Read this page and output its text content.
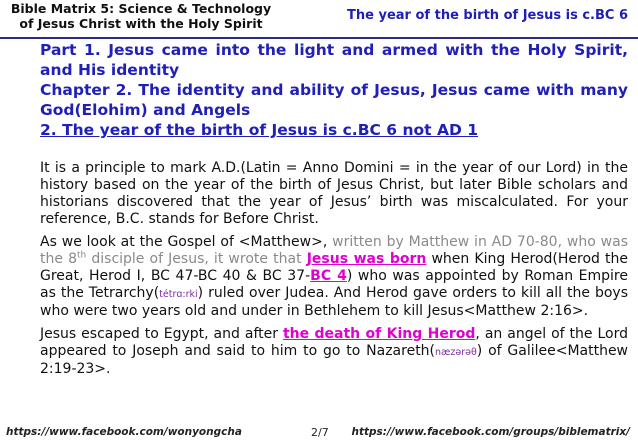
Bible Matrix 5: Science & Technology
of Jesus Christ with the Holy Spirit
The year of the birth of Jesus is c.BC 6

Part 1. Jesus came into the light and armed with the Holy Spirit, and His identity

Chapter 2. The identity and ability of Jesus, Jesus came with many God(Elohim) and Angels

2. The year of the birth of Jesus is c.BC 6 not AD 1

It is a principle to mark A.D.(Latin = Anno Domini = in the year of our Lord) in the history based on the year of the birth of Jesus Christ, but later Bible scholars and historians discovered that the year of Jesus’ birth was miscalculated. For your reference, B.C. stands for Before Christ.

As we look at the Gospel of <Matthew>, written by Matthew in AD 70-80, who was the 8th disciple of Jesus, it wrote that Jesus was born when King Herod(Herod the Great, Herod I, BC 47-BC 40 & BC 37-BC 4) who was appointed by Roman Empire as the Tetrarchy(tétrɑ:rki) ruled over Judea. And Herod gave orders to kill all the boys who were two years old and under in Bethlehem to kill Jesus<Matthew 2:16>.

Jesus escaped to Egypt, and after the death of King Herod, an angel of the Lord appeared to Joseph and said to him to go to Nazareth(næzərəθ) of Galilee<Matthew 2:19-23>.

https://www.facebook.com/wonyongcha	2/7 https://www.facebook.com/groups/biblematrix/
